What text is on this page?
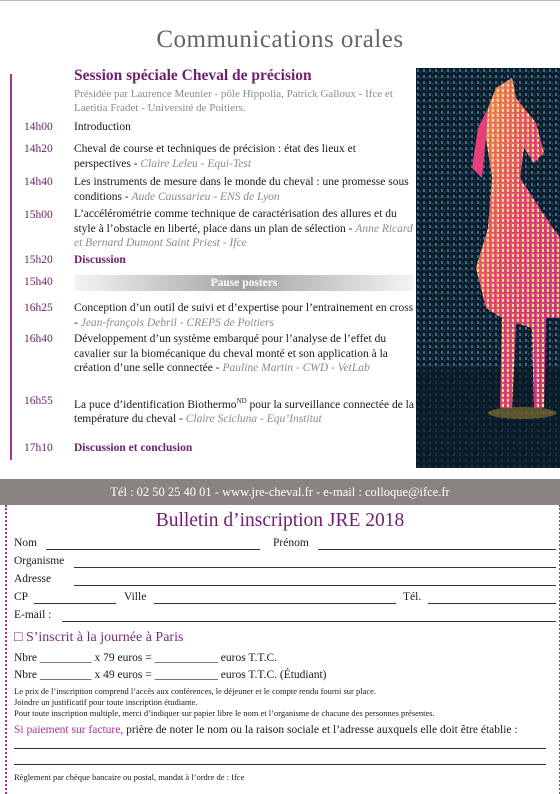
Communications orales
Session spéciale Cheval de précision
Présidée par Laurence Meunier - pôle Hippolia, Patrick Galloux - Ifce et Laetitia Fradet - Université de Poitiers.
14h00 Introduction
14h20 Cheval de course et techniques de précision : état des lieux et perspectives - Claire Leleu - Equi-Test
14h40 Les instruments de mesure dans le monde du cheval : une promesse sous conditions - Aude Caussarieu - ENS de Lyon
15h00 L’accélérométrie comme technique de caractérisation des allures et du style à l’obstacle en liberté, place dans un plan de sélection - Anne Ricard et Bernard Dumont Saint Priest - Ifce
15h20 Discussion
15h40	Pause posters
16h25 Conception d’un outil de suivi et d’expertise pour l’entrainement en cross - Jean-françois Debril - CREPS de Poitiers
16h40 Développement d’un système embarqué pour l’analyse de l’effet du cavalier sur la biomécanique du cheval monté et son application à la création d’une selle connectée - Pauline Martin - CWD - VetLab
16h55 La puce d’identification Biothermo$^{ND}$ pour la surveillance connectée de la température du cheval - Claire Scicluna - Equ’Institut
17h10 Discussion et conclusion
Tél : 02 50 25 40 01 - www.jre-cheval.fr - e-mail : colloque@ifce.fr
Bulletin d’inscription JRE 2018
Nom	Prénom
Organisme
Adresse
CP	Ville	Tél.
E-mail :
□ S’inscrit à la journée à Paris
Nbre _________ x 79 euros = ___________ euros T.T.C.
Nbre _________ x 49 euros = ___________ euros T.T.C. (Étudiant)
Le prix de l’inscription comprend l’accès aux conférences, le déjeuner et le compte rendu fourni sur place.
Joindre un justificatif pour toute inscription étudiante.
Pour toute inscription multiple, merci d’indiquer sur papier libre le nom et l’organisme de chacune des personnes présentes.
Si paiement sur facture, prière de noter le nom ou la raison sociale et l’adresse auxquels elle doit être établie :
Règlement par chèque bancaire ou postal, mandat à l’ordre de : Ifce
